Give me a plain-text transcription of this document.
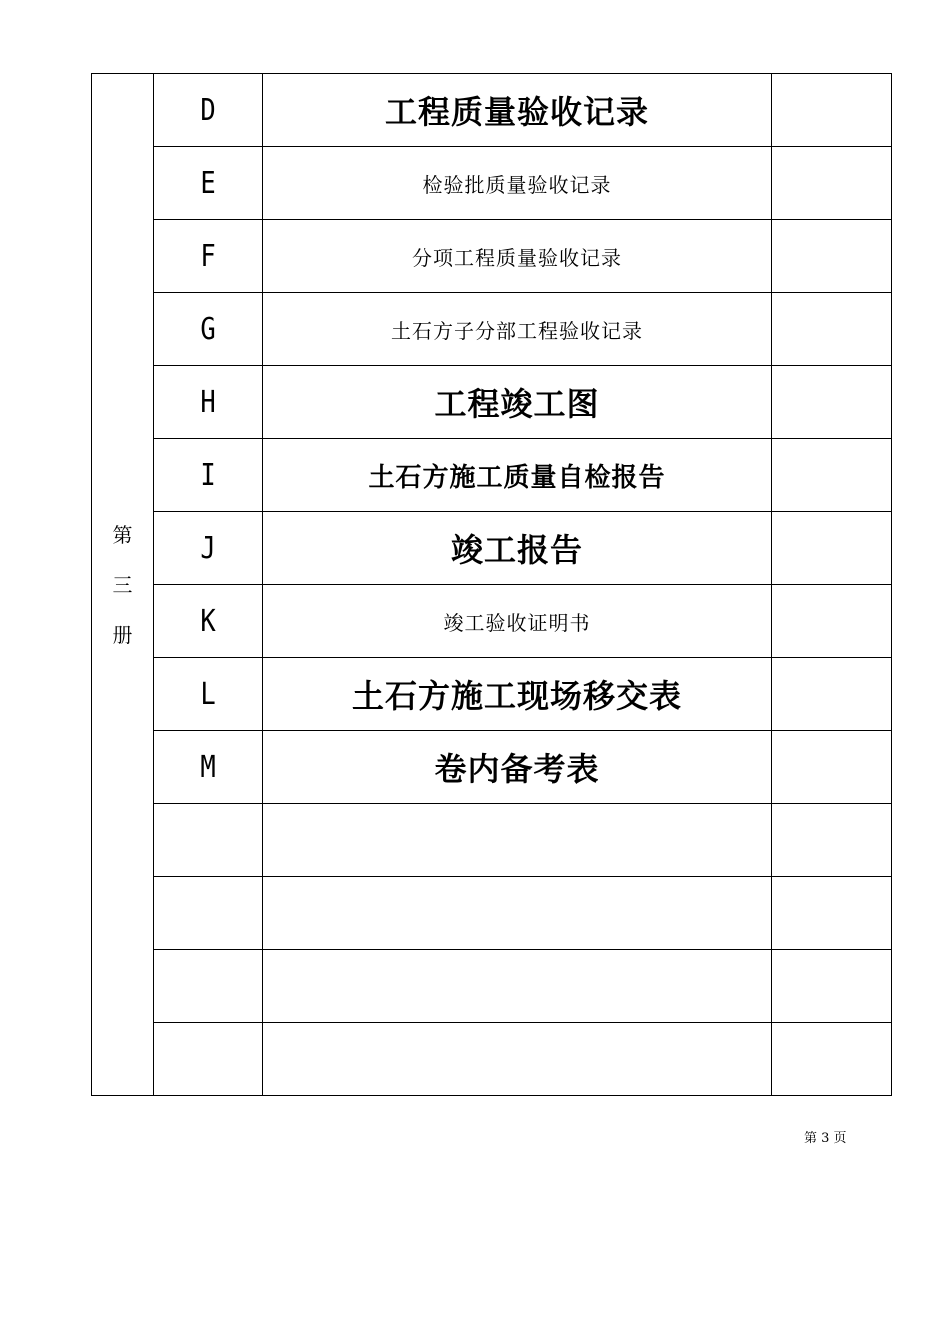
第
三
册	D	工程质量验收记录	
	E	检验批质量验收记录	
	F	分项工程质量验收记录	
	G	土石方子分部工程验收记录	
	H	工程竣工图	
	I	土石方施工质量自检报告	
	J	竣工报告	
	K	竣工验收证明书	
	L	土石方施工现场移交表	
	M	卷内备考表	

第 3 页
